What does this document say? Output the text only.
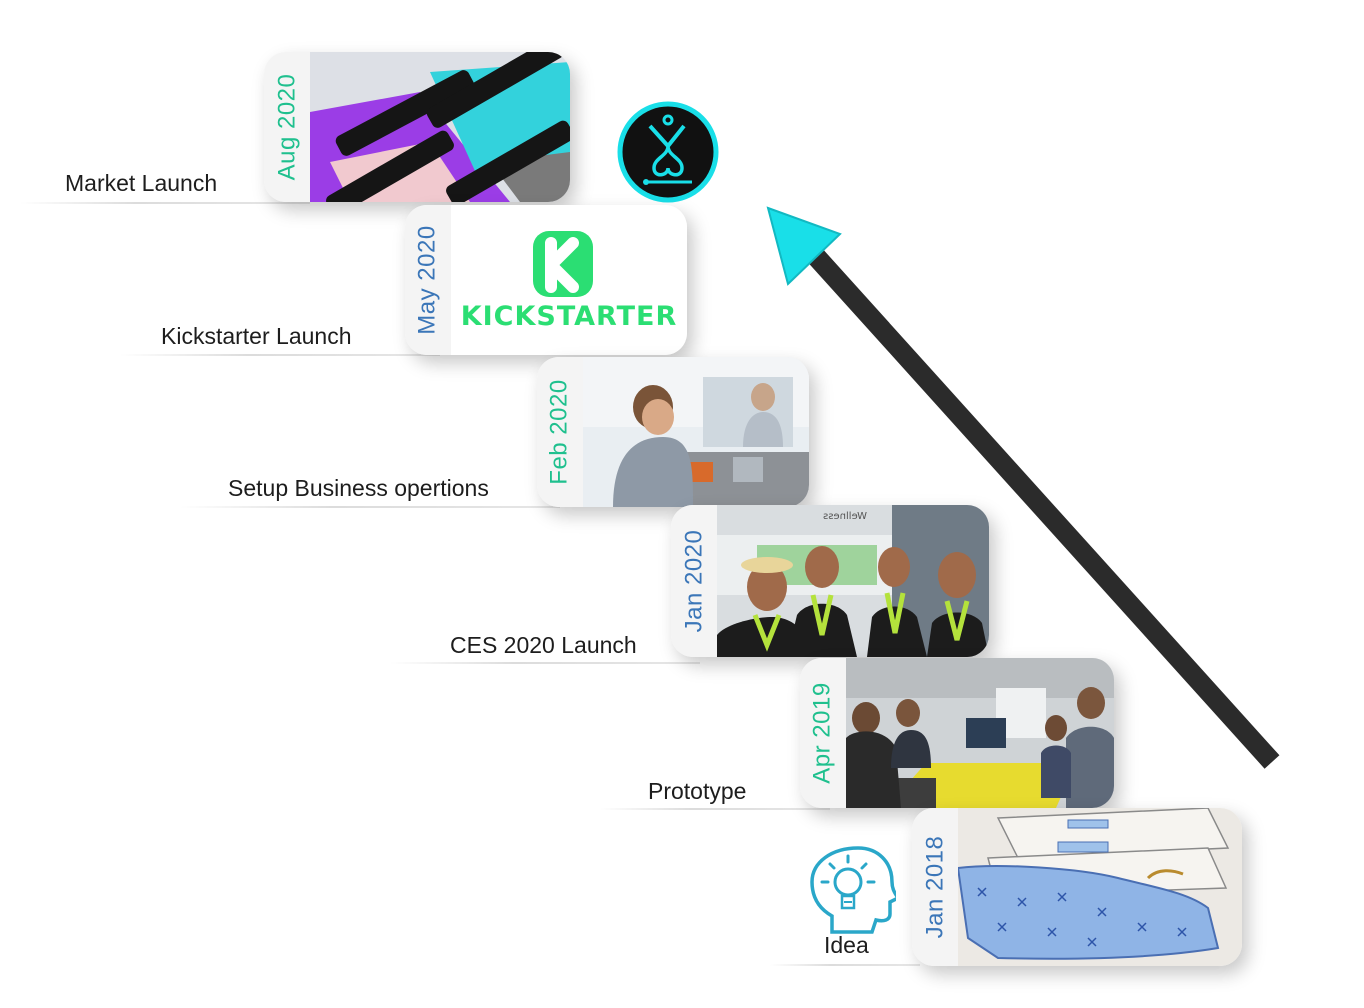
Market Launch
Aug 2020
Kickstarter Launch
May 2020 KICKSTARTER
Setup Business opertions
Feb 2020
CES 2020 Launch
Jan 2020
Wellness
Prototype
Apr 2019
Idea
Jan 2018
